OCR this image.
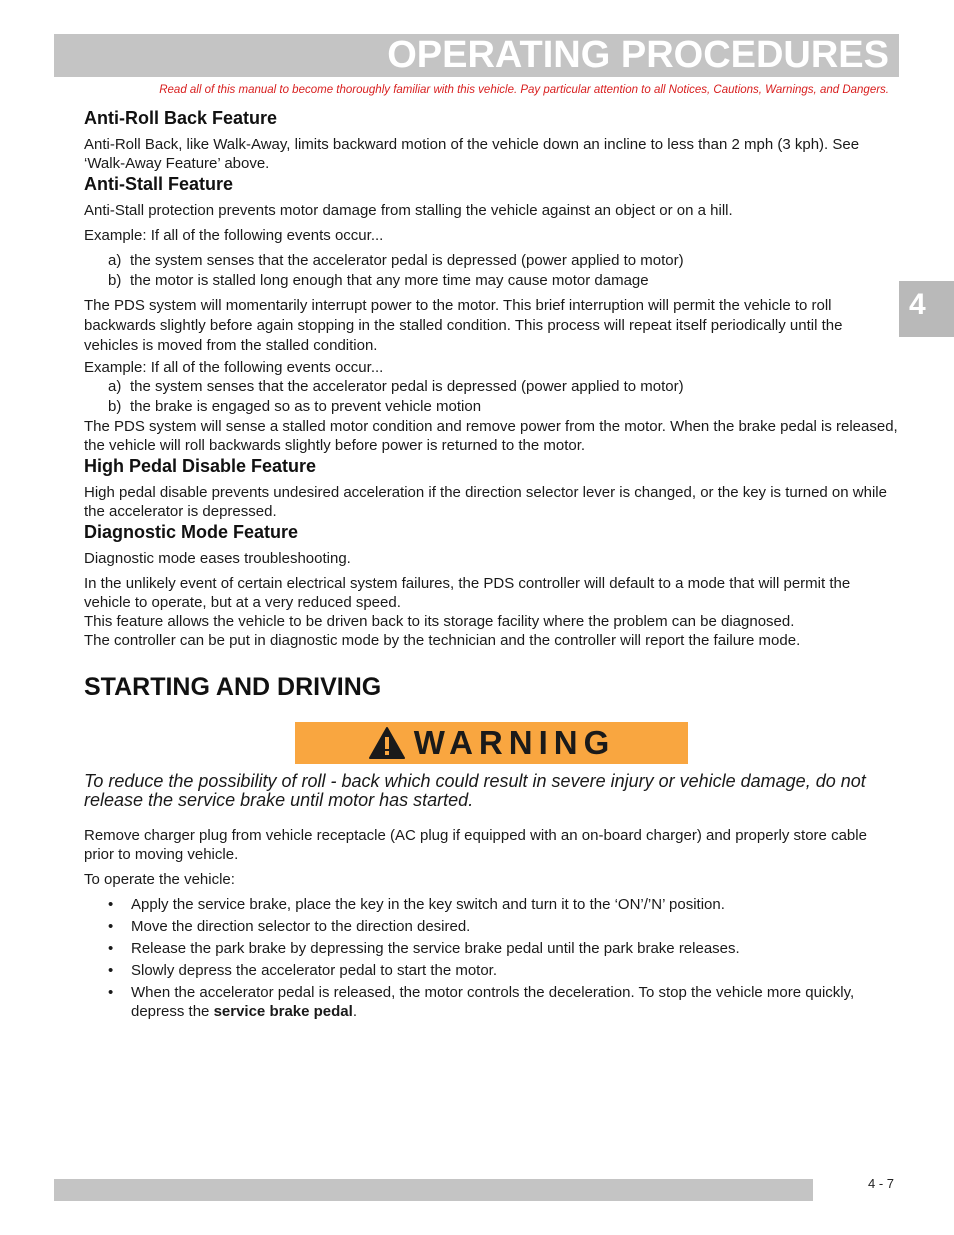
OPERATING PROCEDURES

Read all of this manual to become thoroughly familiar with this vehicle. Pay particular attention to all Notices, Cautions, Warnings, and Dangers.

4
Anti-Roll Back Feature

Anti-Roll Back, like Walk-Away, limits backward motion of the vehicle down an incline to less than 2 mph (3 kph). See ‘Walk-Away Feature’ above.

Anti-Stall Feature

Anti-Stall protection prevents motor damage from stalling the vehicle against an object or on a hill.

Example: If all of the following events occur...

a) the system senses that the accelerator pedal is depressed (power applied to motor)
b) the motor is stalled long enough that any more time may cause motor damage

The PDS system will momentarily interrupt power to the motor. This brief interruption will permit the vehicle to roll backwards slightly before again stopping in the stalled condition. This process will repeat itself periodically until the vehicles is moved from the stalled condition.

Example: If all of the following events occur...

a) the system senses that the accelerator pedal is depressed (power applied to motor)
b) the brake is engaged so as to prevent vehicle motion

The PDS system will sense a stalled motor condition and remove power from the motor. When the brake pedal is released, the vehicle will roll backwards slightly before power is returned to the motor.

High Pedal Disable Feature

High pedal disable prevents undesired acceleration if the direction selector lever is changed, or the key is turned on while the accelerator is depressed.

Diagnostic Mode Feature

Diagnostic mode eases troubleshooting.

In the unlikely event of certain electrical system failures, the PDS controller will default to a mode that will permit the vehicle to operate, but at a very reduced speed.

This feature allows the vehicle to be driven back to its storage facility where the problem can be diagnosed.

The controller can be put in diagnostic mode by the technician and the controller will report the failure mode.

STARTING AND DRIVING
WARNING

To reduce the possibility of roll - back which could result in severe injury or vehicle damage, do not release the service brake until motor has started.

Remove charger plug from vehicle receptacle (AC plug if equipped with an on-board charger) and properly store cable prior to moving vehicle.

To operate the vehicle:

• Apply the service brake, place the key in the key switch and turn it to the ‘ON’/’N’ position.
• Move the direction selector to the direction desired.
• Release the park brake by depressing the service brake pedal until the park brake releases.
• Slowly depress the accelerator pedal to start the motor.
• When the accelerator pedal is released, the motor controls the deceleration. To stop the vehicle more quickly, depress the service brake pedal.
4 - 7
